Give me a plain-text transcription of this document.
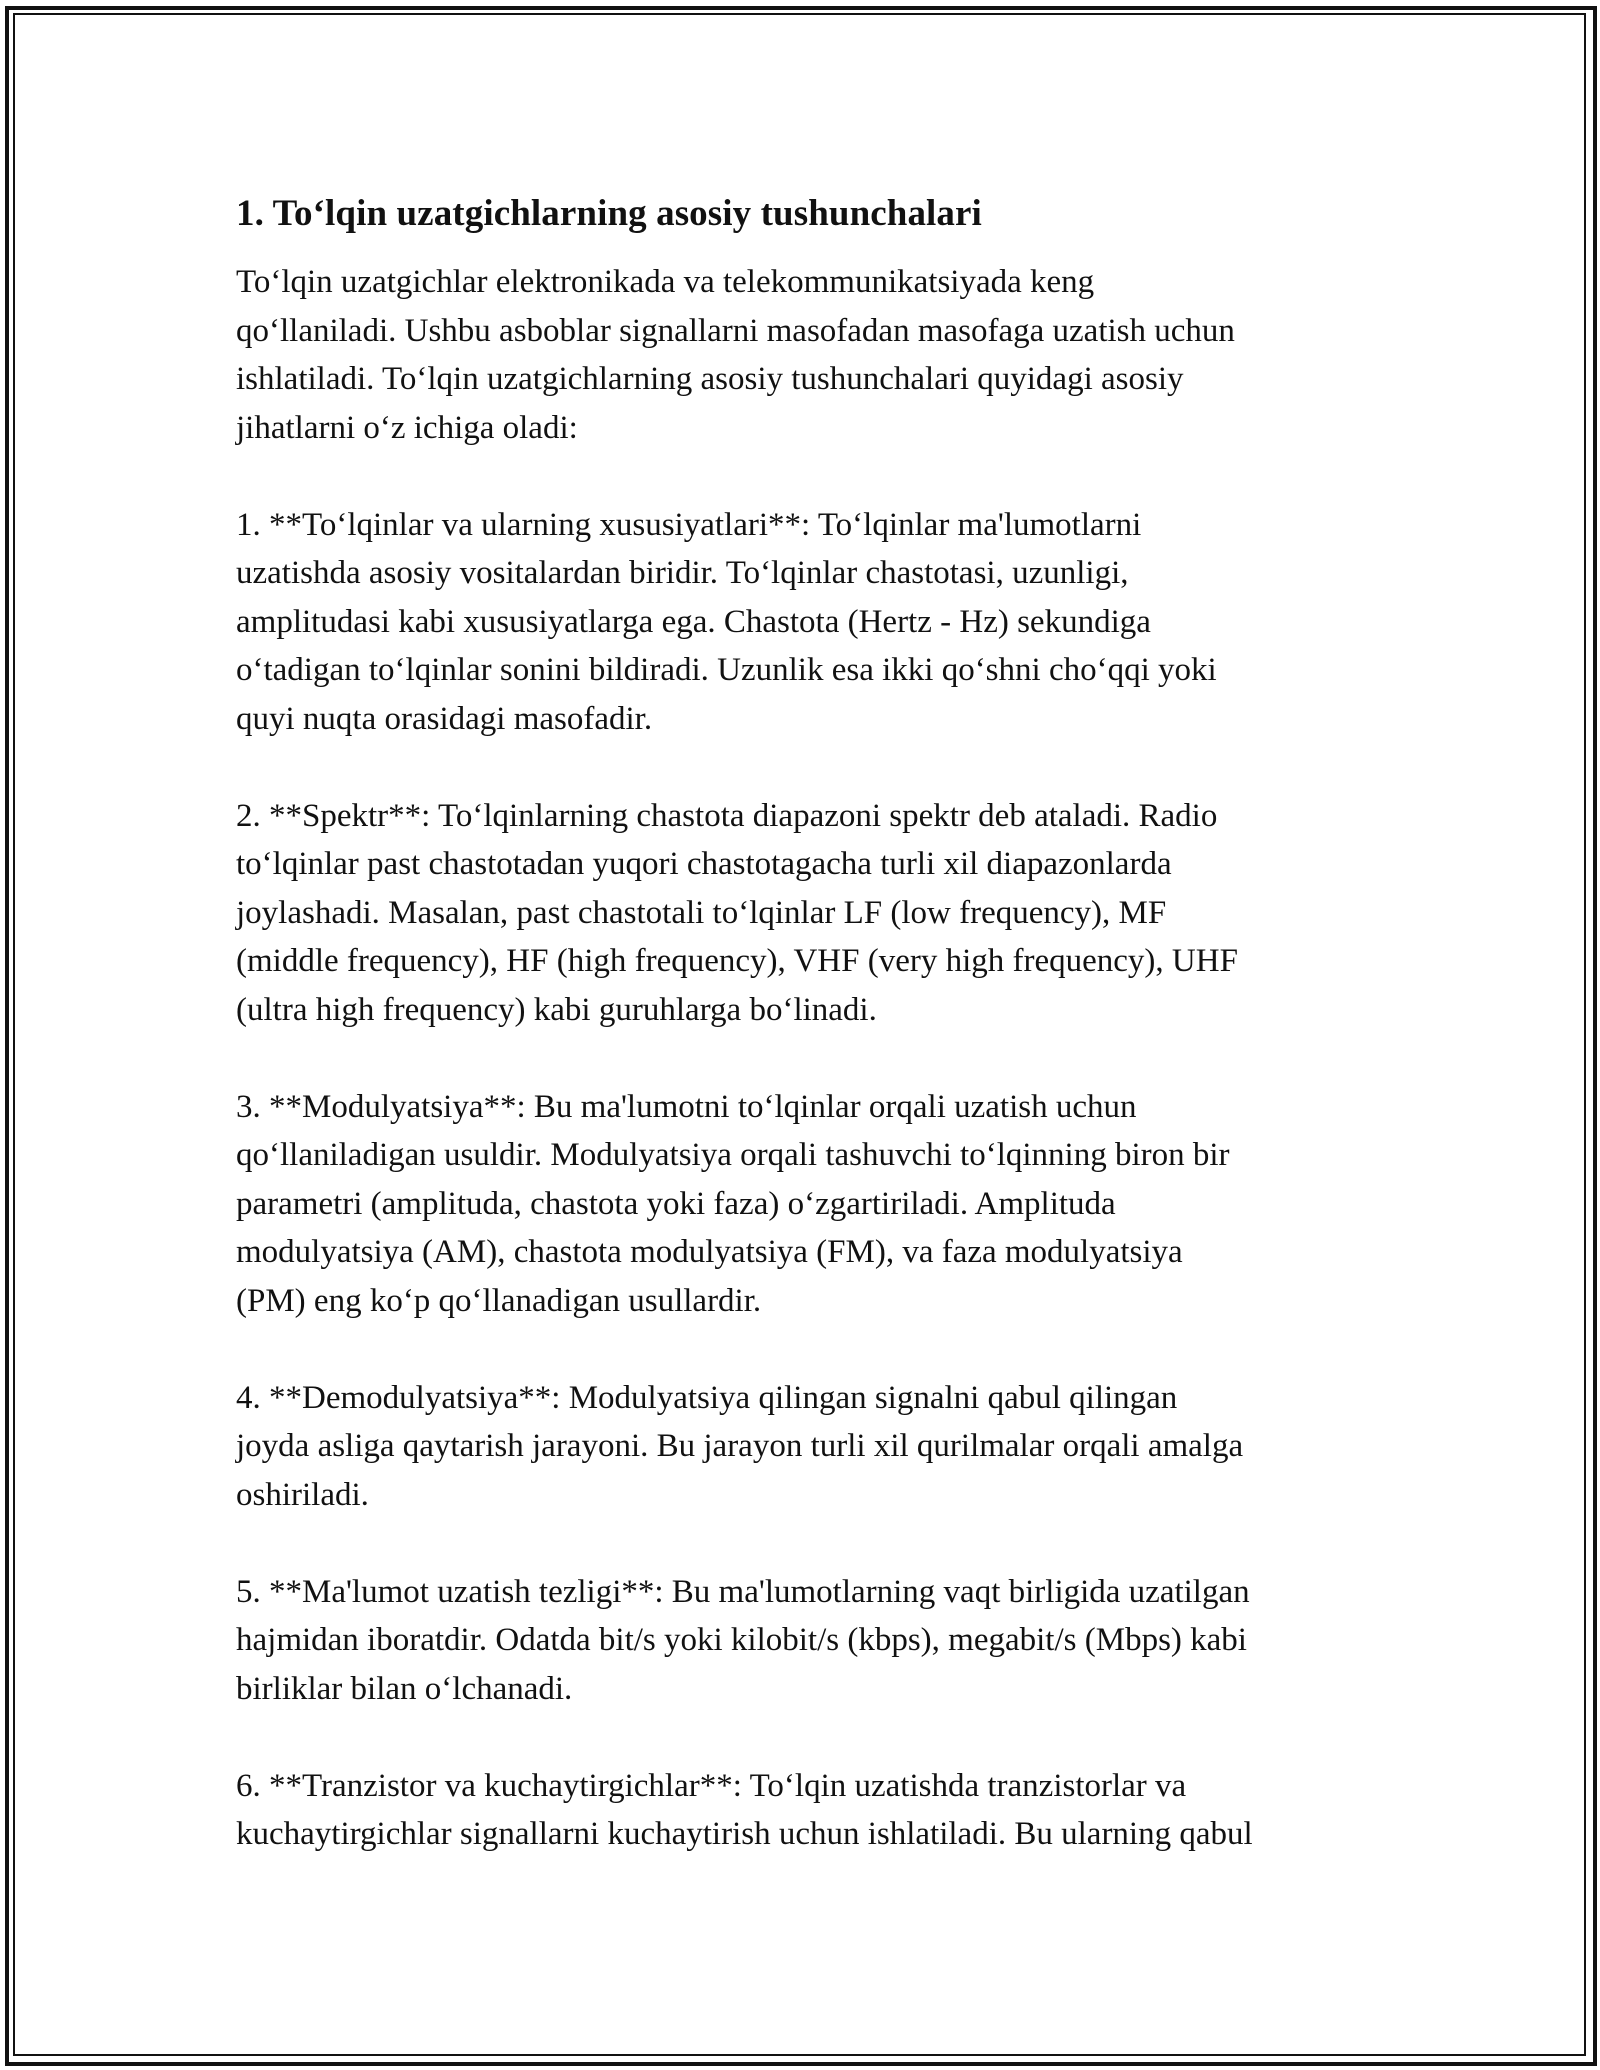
1. To‘lqin uzatgichlarning asosiy tushunchalari

To‘lqin uzatgichlar elektronikada va telekommunikatsiyada keng
qo‘llaniladi. Ushbu asboblar signallarni masofadan masofaga uzatish uchun
ishlatiladi. To‘lqin uzatgichlarning asosiy tushunchalari quyidagi asosiy
jihatlarni o‘z ichiga oladi:

1. **To‘lqinlar va ularning xususiyatlari**: To‘lqinlar ma'lumotlarni
uzatishda asosiy vositalardan biridir. To‘lqinlar chastotasi, uzunligi,
amplitudasi kabi xususiyatlarga ega. Chastota (Hertz - Hz) sekundiga
o‘tadigan to‘lqinlar sonini bildiradi. Uzunlik esa ikki qo‘shni cho‘qqi yoki
quyi nuqta orasidagi masofadir.

2. **Spektr**: To‘lqinlarning chastota diapazoni spektr deb ataladi. Radio
to‘lqinlar past chastotadan yuqori chastotagacha turli xil diapazonlarda
joylashadi. Masalan, past chastotali to‘lqinlar LF (low frequency), MF
(middle frequency), HF (high frequency), VHF (very high frequency), UHF
(ultra high frequency) kabi guruhlarga bo‘linadi.

3. **Modulyatsiya**: Bu ma'lumotni to‘lqinlar orqali uzatish uchun
qo‘llaniladigan usuldir. Modulyatsiya orqali tashuvchi to‘lqinning biron bir
parametri (amplituda, chastota yoki faza) o‘zgartiriladi. Amplituda
modulyatsiya (AM), chastota modulyatsiya (FM), va faza modulyatsiya
(PM) eng ko‘p qo‘llanadigan usullardir.

4. **Demodulyatsiya**: Modulyatsiya qilingan signalni qabul qilingan
joyda asliga qaytarish jarayoni. Bu jarayon turli xil qurilmalar orqali amalga
oshiriladi.

5. **Ma'lumot uzatish tezligi**: Bu ma'lumotlarning vaqt birligida uzatilgan
hajmidan iboratdir. Odatda bit/s yoki kilobit/s (kbps), megabit/s (Mbps) kabi
birliklar bilan o‘lchanadi.

6. **Tranzistor va kuchaytirgichlar**: To‘lqin uzatishda tranzistorlar va
kuchaytirgichlar signallarni kuchaytirish uchun ishlatiladi. Bu ularning qabul
